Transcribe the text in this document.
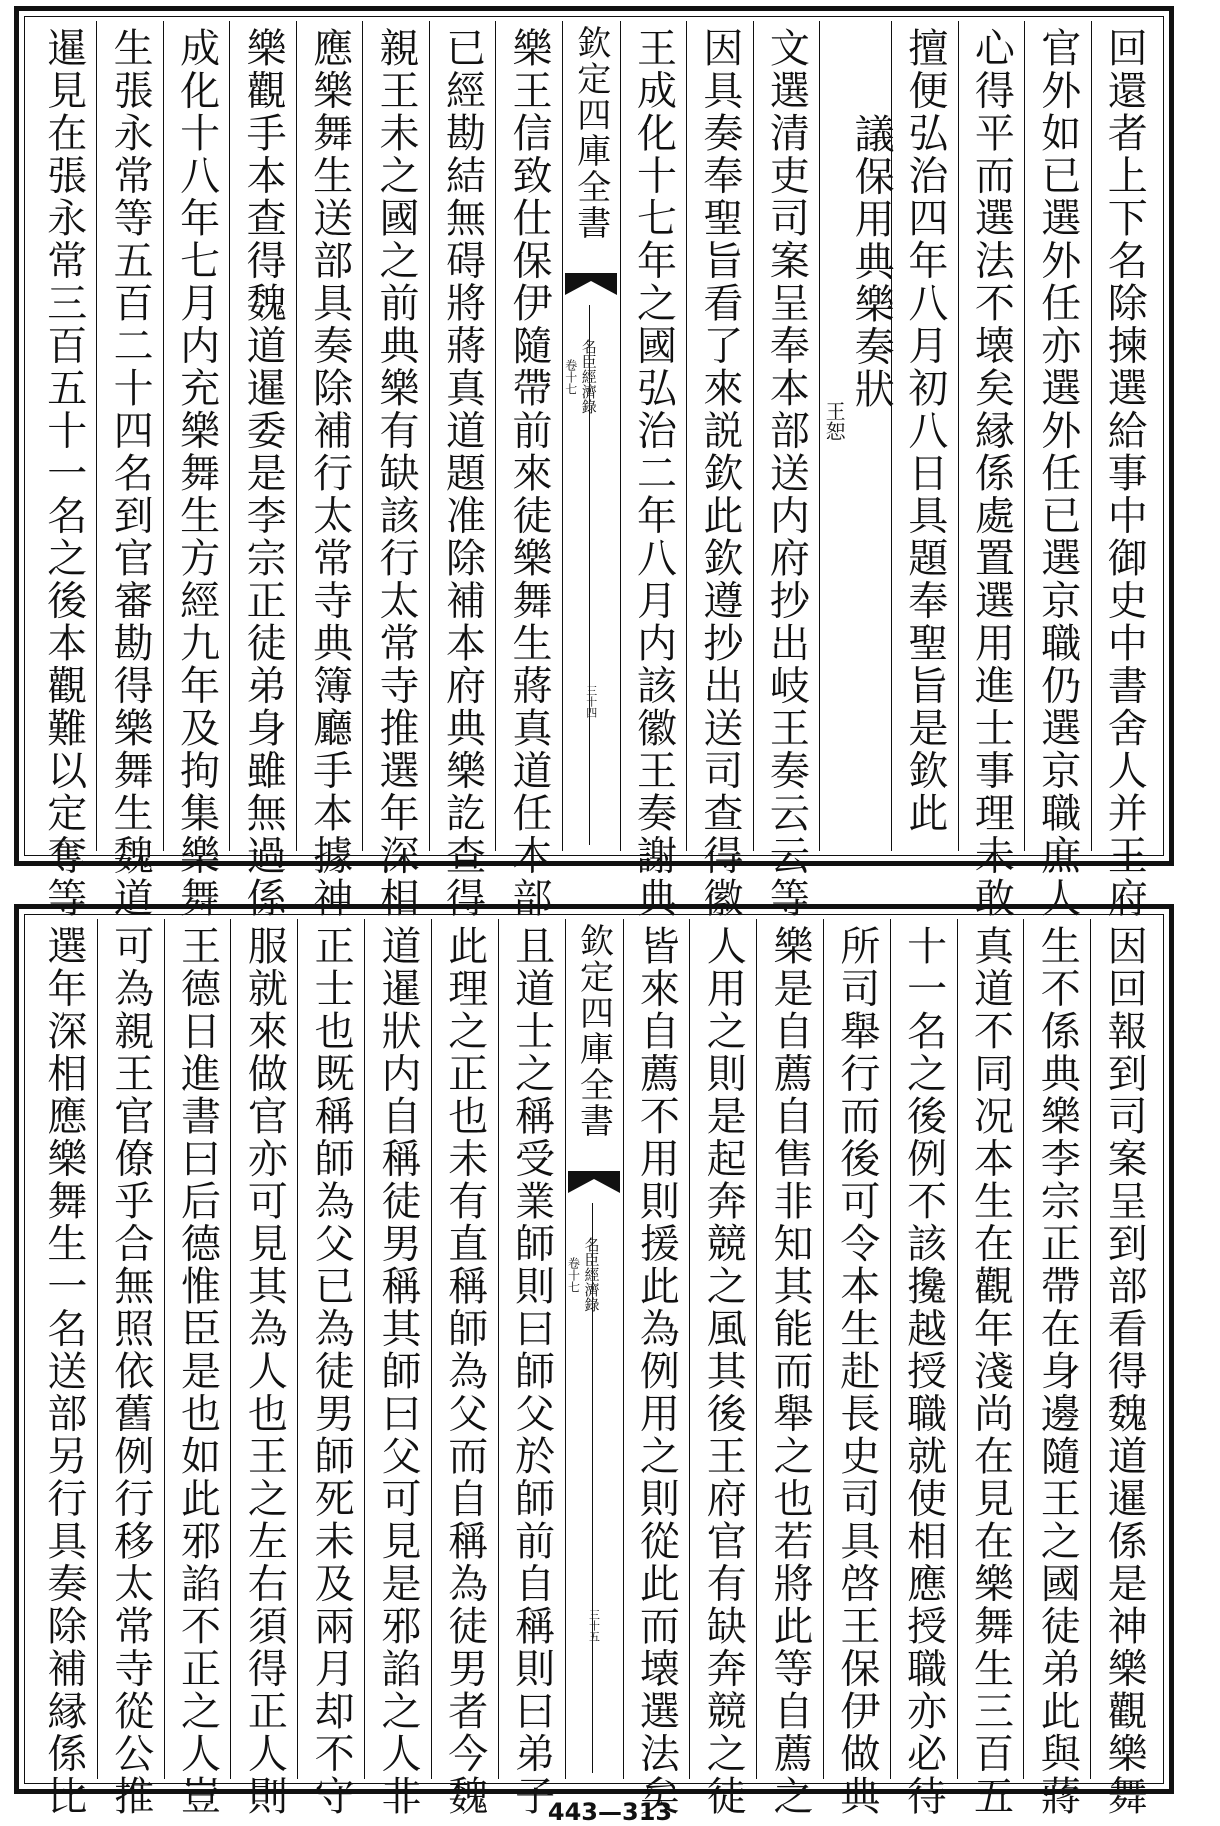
回還者上下名除揀選給事中御史中書舍人并王府
官外如已選外任亦選外任已選京職仍選京職庶人
心得平而選法不壊矣縁係處置選用進士事理未敢
擅便弘治四年八月初八日具題奉聖旨是欽此
議保用典樂奏狀
王恕
文選清吏司案呈奉本部送内府抄出岐王奏云云等
因具奏奉聖旨看了來説欽此欽遵抄出送司查得徽
王成化十七年之國弘治二年八月内該徽王奏謝典
欽定四庫全書
名臣經濟錄
卷十七
三十四
樂王信致仕保伊隨帶前來徒樂舞生蔣真道任本部
已經勘結無碍將蔣真道題准除補本府典樂訖查得
親王未之國之前典樂有缺該行太常寺推選年深相
應樂舞生送部具奏除補行太常寺典簿廳手本據神
樂觀手本查得魏道暹委是李宗正徒弟身雖無過係
成化十八年七月内充樂舞生方經九年及拘集樂舞
生張永常等五百二十四名到官審勘得樂舞生魏道
暹見在張永常三百五十一名之後本觀難以定奪等
因回報到司案呈到部看得魏道暹係是神樂觀樂舞
生不係典樂李宗正帶在身邊隨王之國徒弟此與蔣
真道不同况本生在觀年淺尚在見在樂舞生三百五
十一名之後例不該攙越授職就使相應授職亦必待
所司舉行而後可令本生赴長史司具啓王保伊做典
樂是自薦自售非知其能而舉之也若將此等自薦之
人用之則是起奔競之風其後王府官有缺奔競之徒
皆來自薦不用則援此為例用之則從此而壊選法矣
欽定四庫全書
名臣經濟錄
卷十七
三十五
且道士之稱受業師則曰師父於師前自稱則曰弟子
此理之正也未有直稱師為父而自稱為徒男者今魏
道暹狀内自稱徒男稱其師曰父可見是邪諂之人非
正士也既稱師為父已為徒男師死未及兩月却不守
服就來做官亦可見其為人也王之左右須得正人則
王德日進書曰后德惟臣是也如此邪諂不正之人豈
可為親王官僚乎合無照依舊例行移太常寺從公推
選年深相應樂舞生一名送部另行具奏除補縁係比	443—313
